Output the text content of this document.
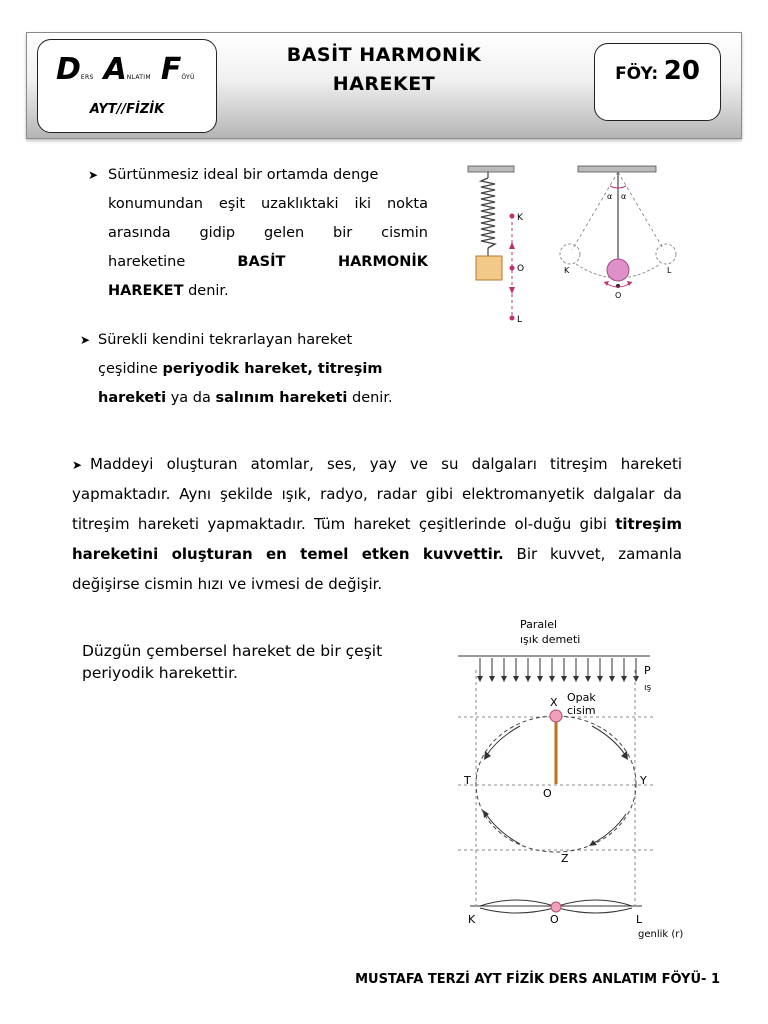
DERS ANLATIM FÖYÜ
AYT//FİZİK
BASİT HARMONİK
HAREKET	FÖY: 20
➤ Sürtünmesiz ideal bir ortamda denge
konumundan eşit uzaklıktaki iki nokta
arasında gidip gelen bir cismin
hareketine	BASİT HARMONİK
HAREKET denir.
➤ Sürekli kendini tekrarlayan hareket
çeşidine periyodik hareket, titreşim
hareketi ya da salınım hareketi denir.
➤ Maddeyi oluşturan atomlar, ses, yay ve su dalgaları titreşim hareketi yapmaktadır. Aynı şekilde ışık, radyo, radar gibi elektromanyetik dalgalar da titreşim hareketi yapmaktadır. Tüm hareket çeşitlerinde ol-duğu gibi titreşim hareketini oluşturan en temel etken kuvvettir. Bir kuvvet, zamanla değişirse cismin hızı ve ivmesi de değişir.
Düzgün çembersel hareket de bir çeşit
periyodik harekettir.
K
O
L
α α
K
O
L
Paralel
ışık demeti
P
ış
X Opak
cisim
T	Y
O
Z
K	O	L
genlik (r)
MUSTAFA TERZİ AYT FİZİK DERS ANLATIM FÖYÜ- 1
